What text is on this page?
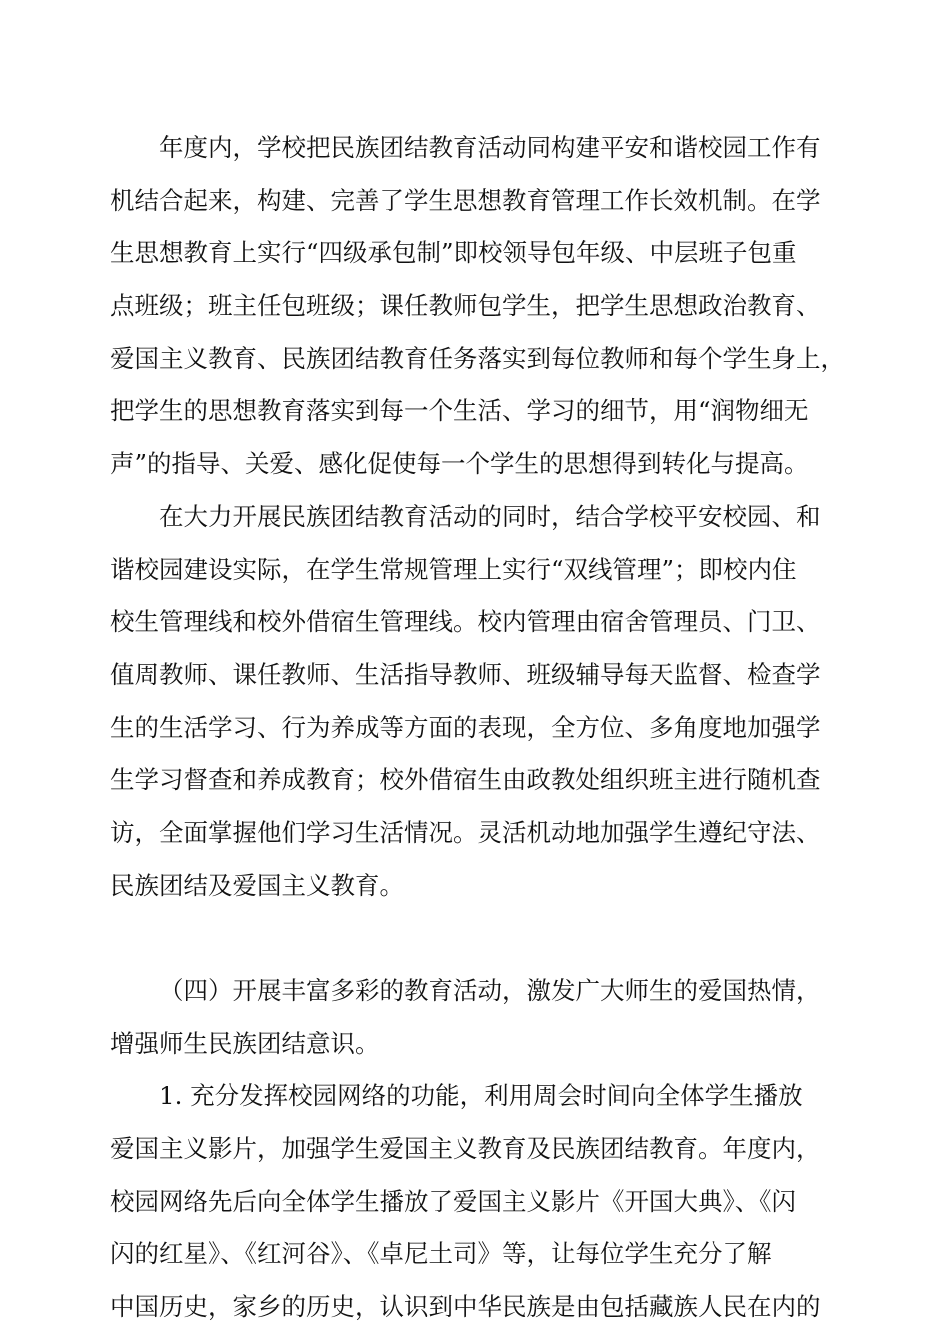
年度内，学校把民族团结教育活动同构建平安和谐校园工作有
机结合起来，构建、完善了学生思想教育管理工作长效机制。在学
生思想教育上实行“四级承包制”即校领导包年级、中层班子包重
点班级；班主任包班级；课任教师包学生，把学生思想政治教育、
爱国主义教育、民族团结教育任务落实到每位教师和每个学生身上，
把学生的思想教育落实到每一个生活、学习的细节，用“润物细无
声”的指导、关爱、感化促使每一个学生的思想得到转化与提高。
在大力开展民族团结教育活动的同时，结合学校平安校园、和
谐校园建设实际，在学生常规管理上实行“双线管理”；即校内住
校生管理线和校外借宿生管理线。校内管理由宿舍管理员、门卫、
值周教师、课任教师、生活指导教师、班级辅导每天监督、检查学
生的生活学习、行为养成等方面的表现，全方位、多角度地加强学
生学习督查和养成教育；校外借宿生由政教处组织班主进行随机查
访，全面掌握他们学习生活情况。灵活机动地加强学生遵纪守法、
民族团结及爱国主义教育。
（四）开展丰富多彩的教育活动，激发广大师生的爱国热情，
增强师生民族团结意识。
1. 充分发挥校园网络的功能，利用周会时间向全体学生播放
爱国主义影片，加强学生爱国主义教育及民族团结教育。年度内，
校园网络先后向全体学生播放了爱国主义影片《开国大典》、《闪
闪的红星》、《红河谷》、《卓尼土司》等，让每位学生充分了解
中国历史，家乡的历史，认识到中华民族是由包括藏族人民在内的
